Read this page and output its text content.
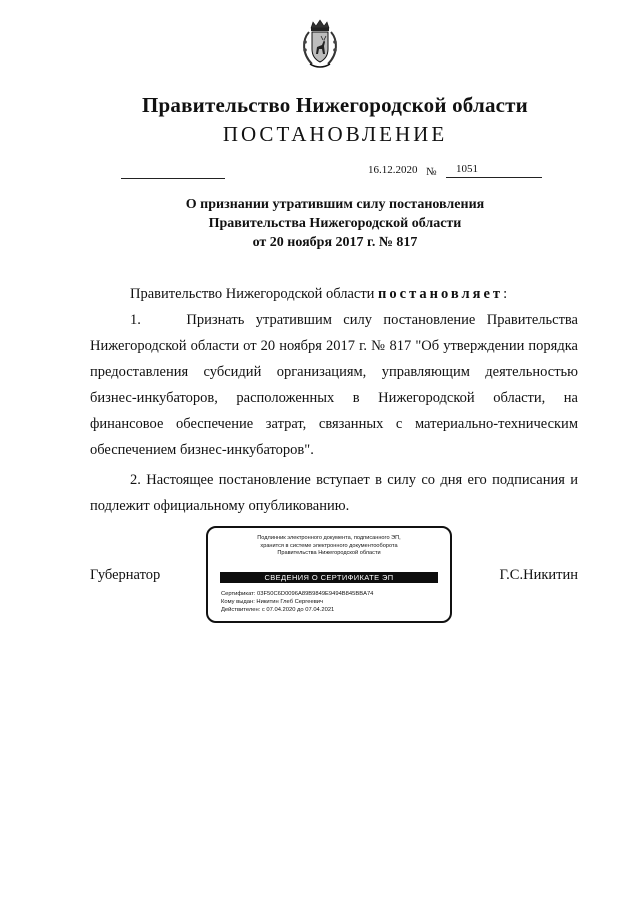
Правительство Нижегородской области
ПОСТАНОВЛЕНИЕ
16.12.2020 №	1051
О признании утратившим силу постановления
Правительства Нижегородской области
от 20 ноября 2017 г. № 817

Правительство Нижегородской области постановляет:

1.    Признать утратившим силу постановление Правительства Нижегородской области от 20 ноября 2017 г. № 817 "Об утверждении порядка предоставления субсидий организациям, управляющим деятельностью бизнес-инкубаторов, расположенных в Нижегородской области, на финансовое обеспечение затрат, связанных с материально-техническим обеспечением бизнес-инкубаторов".

2. Настоящее постановление вступает в силу со дня его подписания и подлежит официальному опубликованию.

Губернатор	Г.С.Никитин
Подлинник электронного документа, подписанного ЭП,
хранится в системе электронного документооборота
Правительства Нижегородской области
СВЕДЕНИЯ О СЕРТИФИКАТЕ ЭП
Сертификат: 03F50C6D0096A89B9849E9494B845BBA74
Кому выдан: Никитин Глеб Сергеевич
Действителен: с 07.04.2020 до 07.04.2021
